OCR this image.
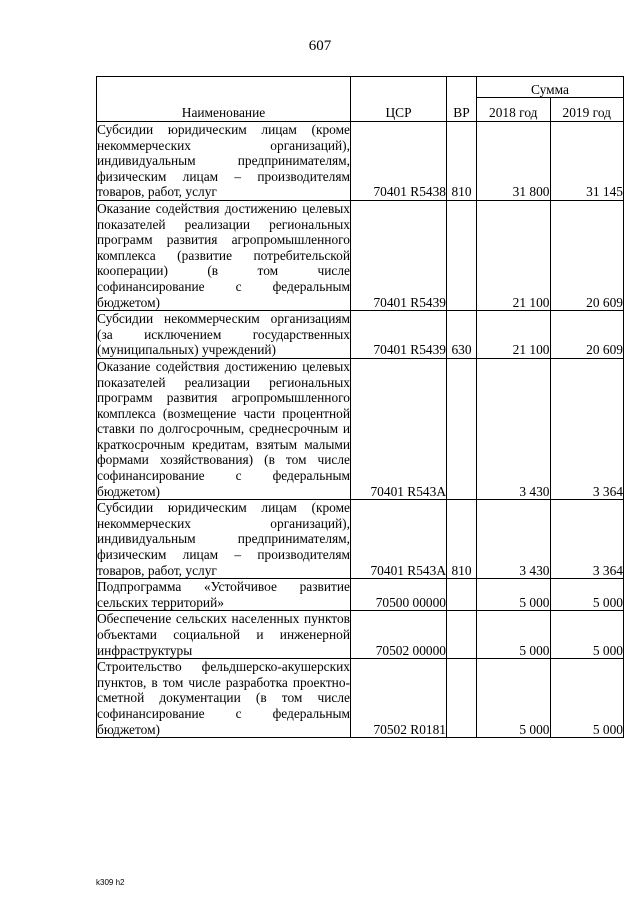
607
Наименование	ЦСР	ВР	Сумма	
			2018 год	2019 год
Субсидии юридическим лицам (кроме некоммерческих организаций), индивидуальным предпринимателям, физическим лицам – производителям товаров, работ, услуг	70401 R5438	810	31 800	31 145
Оказание содействия достижению целевых показателей реализации региональных программ развития агропромышленного комплекса (развитие потребительской кооперации) (в том числе софинансирование с федеральным бюджетом)	70401 R5439		21 100	20 609
Субсидии некоммерческим организациям (за исключением государственных (муниципальных) учреждений)	70401 R5439	630	21 100	20 609
Оказание содействия достижению целевых показателей реализации региональных программ развития агропромышленного комплекса (возмещение части процентной ставки по долгосрочным, среднесрочным и краткосрочным кредитам, взятым малыми формами хозяйствования) (в том числе софинансирование с федеральным бюджетом)	70401 R543A		3 430	3 364
Субсидии юридическим лицам (кроме некоммерческих организаций), индивидуальным предпринимателям, физическим лицам – производителям товаров, работ, услуг	70401 R543A	810	3 430	3 364
Подпрограмма «Устойчивое развитие сельских территорий»	70500 00000		5 000	5 000
Обеспечение сельских населенных пунктов объектами социальной и инженерной инфраструктуры	70502 00000		5 000	5 000
Строительство фельдшерско-акушерских пунктов, в том числе разработка проектно-сметной документации (в том числе софинансирование с федеральным бюджетом)	70502 R0181		5 000	5 000
k309 h2
